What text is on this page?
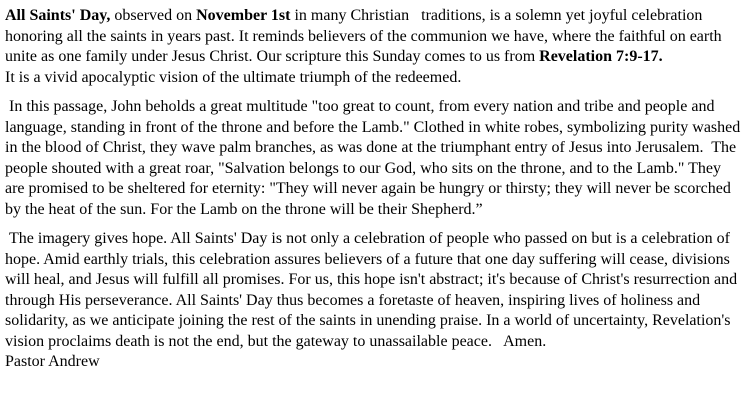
All Saints' Day, observed on November 1st in many Christian   traditions, is a solemn yet joyful celebration honoring all the saints in years past. It reminds believers of the communion we have, where the faithful on earth unite as one family under Jesus Christ. Our scripture this Sunday comes to us from Revelation 7:9-17.
It is a vivid apocalyptic vision of the ultimate triumph of the redeemed.

In this passage, John beholds a great multitude "too great to count, from every nation and tribe and people and language, standing in front of the throne and before the Lamb." Clothed in white robes, symbolizing purity washed in the blood of Christ, they wave palm branches, as was done at the triumphant entry of Jesus into Jerusalem.  The people shouted with a great roar, "Salvation belongs to our God, who sits on the throne, and to the Lamb." They are promised to be sheltered for eternity: "They will never again be hungry or thirsty; they will never be scorched by the heat of the sun. For the Lamb on the throne will be their Shepherd.”

The imagery gives hope. All Saints' Day is not only a celebration of people who passed on but is a celebration of hope. Amid earthly trials, this celebration assures believers of a future that one day suffering will cease, divisions will heal, and Jesus will fulfill all promises. For us, this hope isn't abstract; it's because of Christ's resurrection and through His perseverance. All Saints' Day thus becomes a foretaste of heaven, inspiring lives of holiness and solidarity, as we anticipate joining the rest of the saints in unending praise. In a world of uncertainty, Revelation's vision proclaims death is not the end, but the gateway to unassailable peace.   Amen.
Pastor Andrew
